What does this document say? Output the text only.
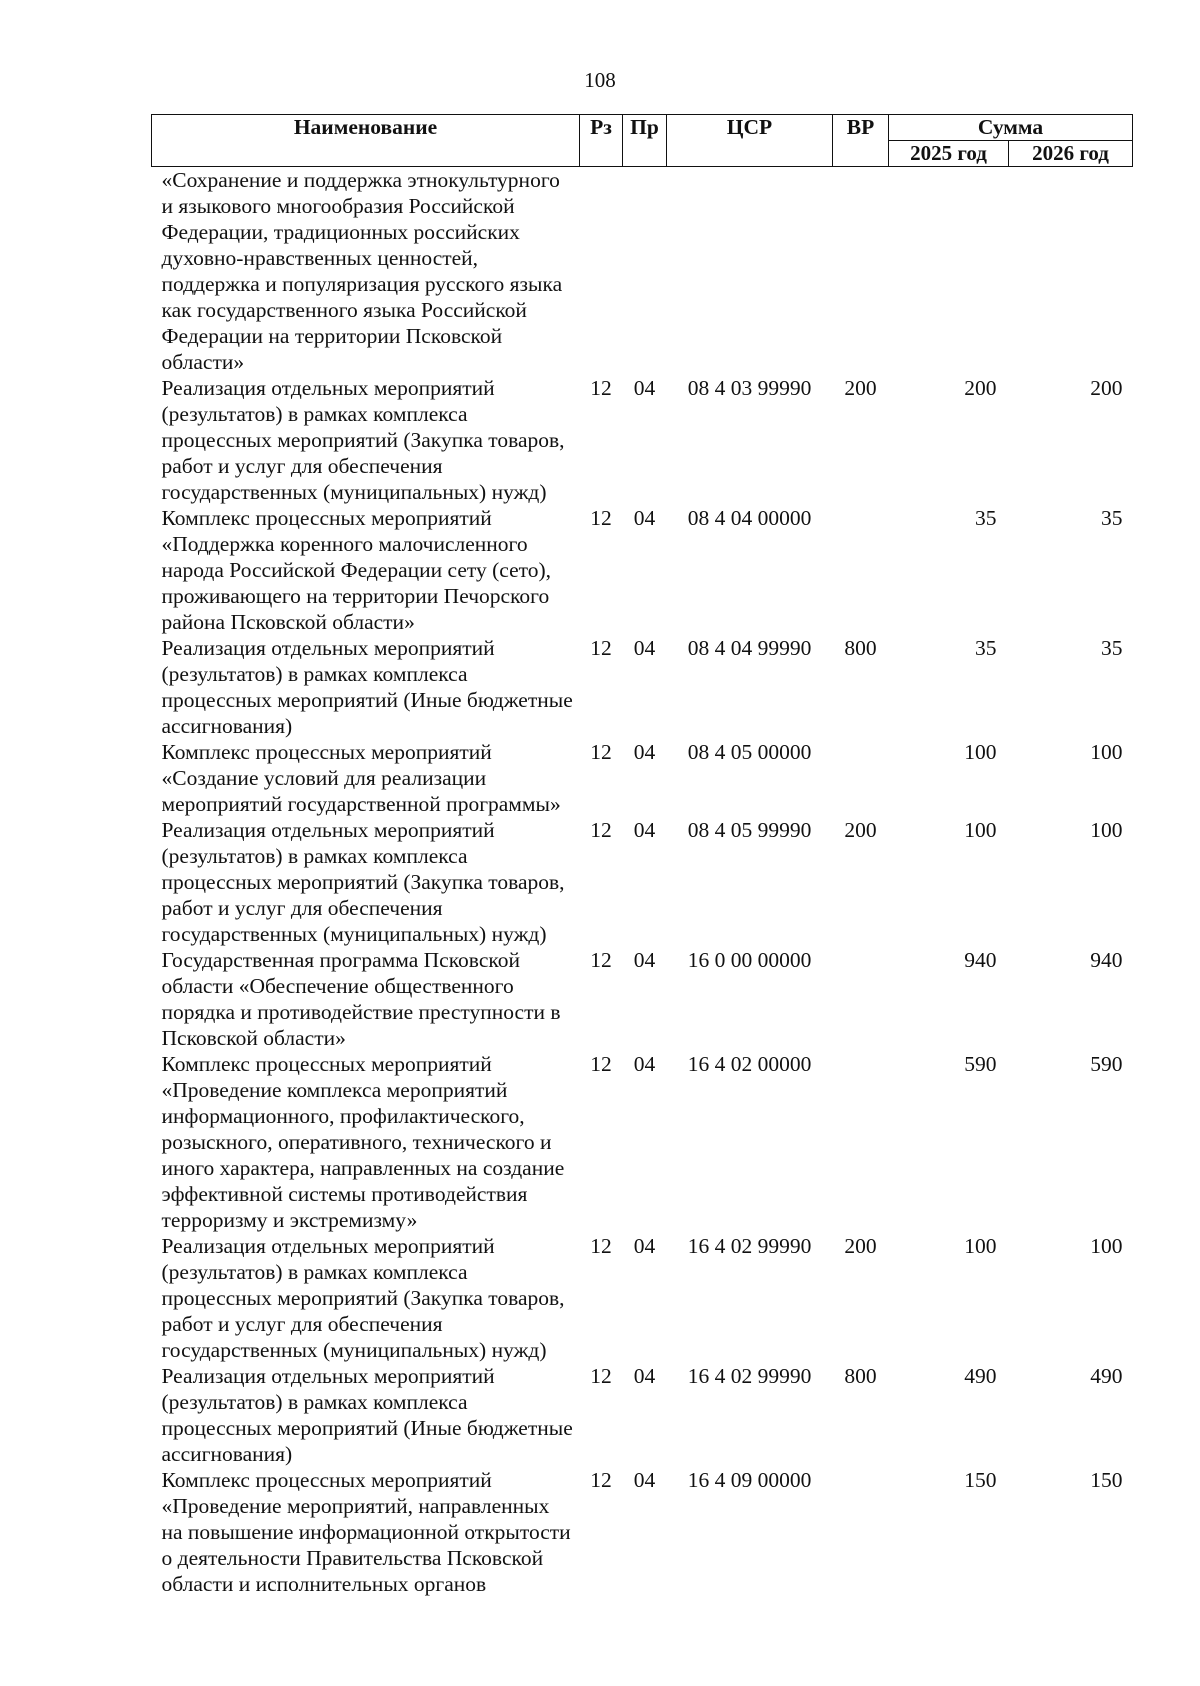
108
Наименование	Рз	Пр	ЦСР	ВР	Сумма	
					2025 год	2026 год
«Сохранение и поддержка этнокультурного и языкового многообразия Российской Федерации, традиционных российских духовно-нравственных ценностей, поддержка и популяризация русского языка как государственного языка Российской Федерации на территории Псковской области»						
Реализация отдельных мероприятий (результатов) в рамках комплекса процессных мероприятий (Закупка товаров, работ и услуг для обеспечения государственных (муниципальных) нужд)	12	04	08 4 03 99990	200	200	200
Комплекс процессных мероприятий «Поддержка коренного малочисленного народа Российской Федерации сету (сето), проживающего на территории Печорского района Псковской области»	12	04	08 4 04 00000		35	35
Реализация отдельных мероприятий (результатов) в рамках комплекса процессных мероприятий (Иные бюджетные ассигнования)	12	04	08 4 04 99990	800	35	35
Комплекс процессных мероприятий «Создание условий для реализации мероприятий государственной программы»	12	04	08 4 05 00000		100	100
Реализация отдельных мероприятий (результатов) в рамках комплекса процессных мероприятий (Закупка товаров, работ и услуг для обеспечения государственных (муниципальных) нужд)	12	04	08 4 05 99990	200	100	100
Государственная программа Псковской области «Обеспечение общественного порядка и противодействие преступности в Псковской области»	12	04	16 0 00 00000		940	940
Комплекс процессных мероприятий «Проведение комплекса мероприятий информационного, профилактического, розыскного, оперативного, технического и иного характера, направленных на создание эффективной системы противодействия терроризму и экстремизму»	12	04	16 4 02 00000		590	590
Реализация отдельных мероприятий (результатов) в рамках комплекса процессных мероприятий (Закупка товаров, работ и услуг для обеспечения государственных (муниципальных) нужд)	12	04	16 4 02 99990	200	100	100
Реализация отдельных мероприятий (результатов) в рамках комплекса процессных мероприятий (Иные бюджетные ассигнования)	12	04	16 4 02 99990	800	490	490
Комплекс процессных мероприятий «Проведение мероприятий, направленных на повышение информационной открытости о деятельности Правительства Псковской области и исполнительных органов	12	04	16 4 09 00000		150	150
